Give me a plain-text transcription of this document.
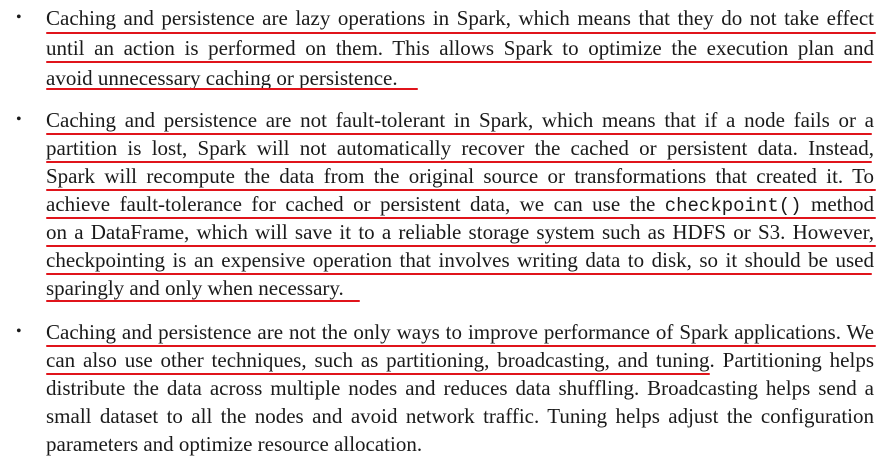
• Caching and persistence are lazy operations in Spark, which means that they do not take effect
until an action is performed on them. This allows Spark to optimize the execution plan and
avoid unnecessary caching or persistence.
• Caching and persistence are not fault-tolerant in Spark, which means that if a node fails or a
partition is lost, Spark will not automatically recover the cached or persistent data. Instead,
Spark will recompute the data from the original source or transformations that created it. To
achieve fault-tolerance for cached or persistent data, we can use the checkpoint() method
on a DataFrame, which will save it to a reliable storage system such as HDFS or S3. However,
checkpointing is an expensive operation that involves writing data to disk, so it should be used
sparingly and only when necessary.
• Caching and persistence are not the only ways to improve performance of Spark applications. We
can also use other techniques, such as partitioning, broadcasting, and tuning. Partitioning helps
distribute the data across multiple nodes and reduces data shuffling. Broadcasting helps send a
small dataset to all the nodes and avoid network traffic. Tuning helps adjust the configuration
parameters and optimize resource allocation.
